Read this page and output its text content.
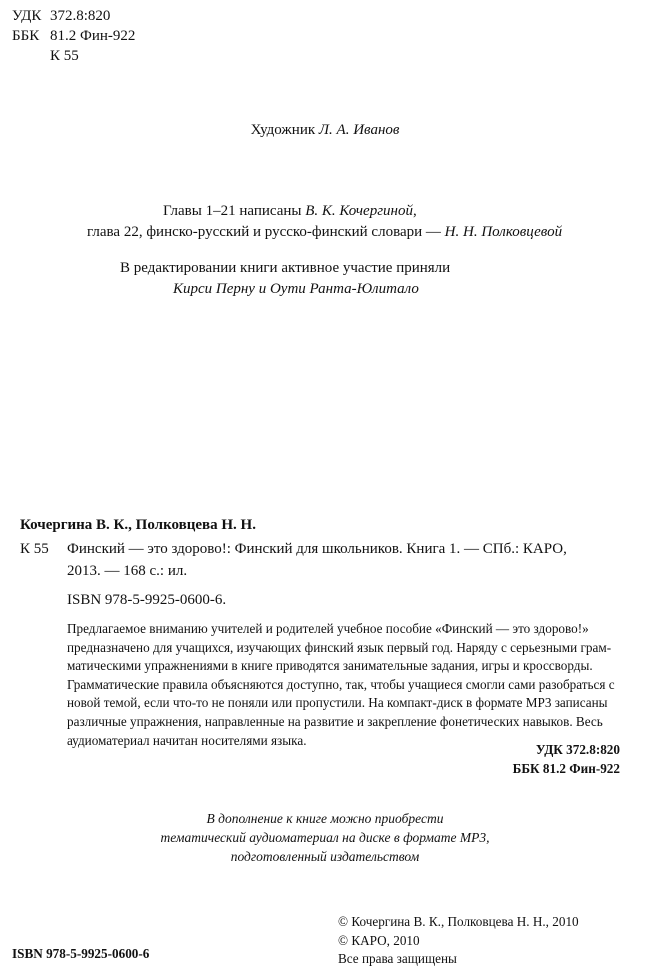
УДК 372.8:820
ББК 81.2 Фин-922
К 55
Художник Л. А. Иванов
Главы 1–21 написаны В. К. Кочергиной,
глава 22, финско-русский и русско-финский словари — Н. Н. Полковцевой
В редактировании книги активное участие приняли
Кирси Перну и Оути Ранта-Юлитало
Кочергина В. К., Полковцева Н. Н.
К 55 Финский — это здорово!: Финский для школьников. Книга 1. — СПб.: КАРО,
2013. — 168 с.: ил.
ISBN 978-5-9925-0600-6.
Предлагаемое вниманию учителей и родителей учебное пособие «Финский — это здорово!»
предназначено для учащихся, изучающих финский язык первый год. Наряду с серьезными грам-
матическими упражнениями в книге приводятся занимательные задания, игры и кроссворды.
Грамматические правила объясняются доступно, так, чтобы учащиеся смогли сами разобраться с
новой темой, если что-то не поняли или пропустили. На компакт-диск в формате MP3 записаны
различные упражнения, направленные на развитие и закрепление фонетических навыков. Весь
аудиоматериал начитан носителями языка.
УДК 372.8:820
ББК 81.2 Фин-922
В дополнение к книге можно приобрести
тематический аудиоматериал на диске в формате MP3,
подготовленный издательством
© Кочергина В. К., Полковцева Н. Н., 2010
© КАРО, 2010
Все права защищены
ISBN 978-5-9925-0600-6
